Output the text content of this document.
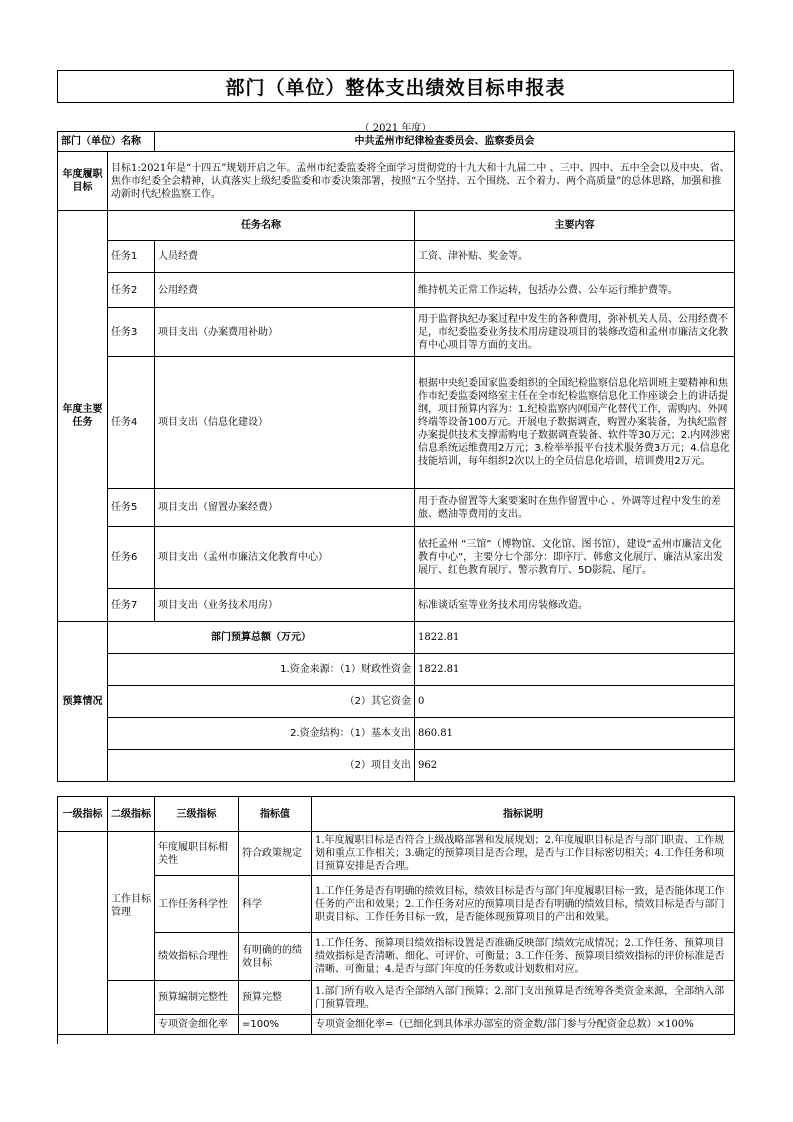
部门（单位）整体支出绩效目标申报表
（ 2021 年度）
部门（单位）名称		中共孟州市纪律检查委员会、监察委员会	
年度履职目标	目标1:2021年是“十四五”规划开启之年。孟州市纪委监委将全面学习贯彻党的十九大和十九届二中 、三中、四中、五中全会以及中央、省、焦作市纪委全会精神，认真落实上级纪委监委和市委决策部署，按照“五个坚持、五个围绕、五个着力、两个高质量”的总体思路，加强和推动新时代纪检监察工作。		
年度主要任务	任务名称		主要内容
	任务1	人员经费	工资、津补贴、奖金等。
	任务2	公用经费	维持机关正常工作运转，包括办公费、公车运行维护费等。
	任务3	项目支出（办案费用补助）	用于监督执纪办案过程中发生的各种费用，弥补机关人员、公用经费不足，市纪委监委业务技术用房建设项目的装修改造和孟州市廉洁文化教育中心项目等方面的支出。
	任务4	项目支出（信息化建设）	根据中央纪委国家监委组织的全国纪检监察信息化培训班主要精神和焦作市纪委监委网络室主任在全市纪检监察信息化工作座谈会上的讲话提纲，项目预算内容为：1.纪检监察内网国产化替代工作，需购内、外网终端等设备100万元。开展电子数据调查，购置办案装备，为执纪监督办案提供技术支撑需购电子数据调查装备、软件等30万元；2.内网涉密信息系统运维费用2万元；3.检举举报平台技术服务费3万元；4.信息化技能培训，每年组织2次以上的全员信息化培训，培训费用2万元。
	任务5	项目支出（留置办案经费）	用于查办留置等大案要案时在焦作留置中心 、外调等过程中发生的差旅、燃油等费用的支出。
	任务6	项目支出（孟州市廉洁文化教育中心）	依托孟州 “三馆”（博物馆、文化馆、图书馆），建设“孟州市廉洁文化教育中心”，主要分七个部分：即序厅、韩愈文化展厅、廉洁从家出发展厅、红色教育展厅、警示教育厅、5D影院、尾厅。
	任务7	项目支出（业务技术用房）	标准谈话室等业务技术用房装修改造。
预算情况	部门预算总额（万元）		1822.81
	1.资金来源：（1）财政性资金		1822.81
	（2）其它资金		0
	2.资金结构：（1）基本支出		860.81
	（2）项目支出		962
一级指标	二级指标	三级指标	指标值	指标说明
	工作目标管理	年度履职目标相关性	符合政策规定	1.年度履职目标是否符合上级战略部署和发展规划；2.年度履职目标是否与部门职责、工作规划和重点工作相关；3.确定的预算项目是否合理，是否与工作目标密切相关；4.工作任务和项目预算安排是否合理。
		工作任务科学性	科学	1.工作任务是否有明确的绩效目标，绩效目标是否与部门年度履职目标一致，是否能体现工作任务的产出和效果；2.工作任务对应的预算项目是否有明确的绩效目标，绩效目标是否与部门职责目标、工作任务目标一致，是否能体现预算项目的产出和效果。
		绩效指标合理性	有明确的的绩效目标	1.工作任务、预算项目绩效指标设置是否准确反映部门绩效完成情况；2.工作任务、预算项目绩效指标是否清晰、细化、可评价、可衡量；3.工作任务、预算项目绩效指标的评价标准是否清晰、可衡量；4.是否与部门年度的任务数或计划数相对应。
		预算编制完整性	预算完整	1.部门所有收入是否全部纳入部门预算；2.部门支出预算是否统筹各类资金来源，全部纳入部门预算管理。
		专项资金细化率	=100%	专项资金细化率=（已细化到具体承办部室的资金数/部门参与分配资金总数）×100%
